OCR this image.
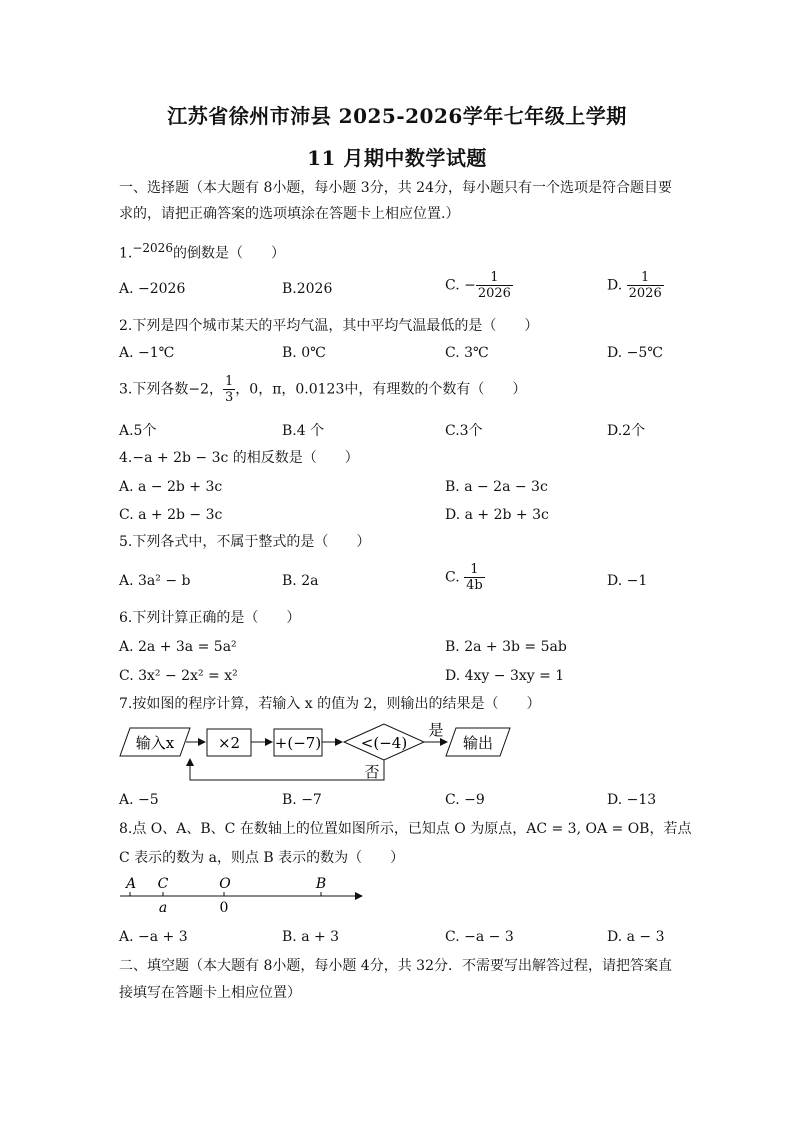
江苏省徐州市沛县 2025-2026学年七年级上学期
11 月期中数学试题
一、选择题（本大题有 8小题，每小题 3分，共 24分，每小题只有一个选项是符合题目要
求的，请把正确答案的选项填涂在答题卡上相应位置.）
1.$^{-2026}$的倒数是（　　）
A. −2026	B.2026	C. − $\frac{1}{2026}$	D. $\frac{1}{2026}$
2.下列是四个城市某天的平均气温，其中平均气温最低的是（　　）
A. −1℃	B. 0℃	C. 3℃	D. −5℃
3.下列各数−2， $\frac{1}{3}$ ，0，π，0.0123中，有理数的个数有（　　）
A.5个	B.4 个	C.3个	D.2个
4.−a + 2b − 3c 的相反数是（　　）
A. a − 2b + 3c	B. a − 2a − 3c
C. a + 2b − 3c	D. a + 2b + 3c
5.下列各式中，不属于整式的是（　　）
A. 3a² − b	B. 2a	C. $\frac{1}{4b}$	D. −1
6.下列计算正确的是（　　）
A. 2a + 3a = 5a²	B. 2a + 3b = 5ab
C. 3x² − 2x² = x²	D. 4xy − 3xy = 1
7.按如图的程序计算，若输入 x 的值为 2，则输出的结果是（　　）
输入x	×2 +(−7)	<(−4)
是
输出
否
A C	O	B
a	0
A. −5	B. −7	C. −9	D. −13
8.点 O、A、B、C 在数轴上的位置如图所示，已知点 O 为原点，AC = 3, OA = OB，若点
C 表示的数为 a，则点 B 表示的数为（　　）
A. −a + 3	B. a + 3	C. −a − 3	D. a − 3
二、填空题（本大题有 8小题，每小题 4分，共 32分．不需要写出解答过程，请把答案直
接填写在答题卡上相应位置）
